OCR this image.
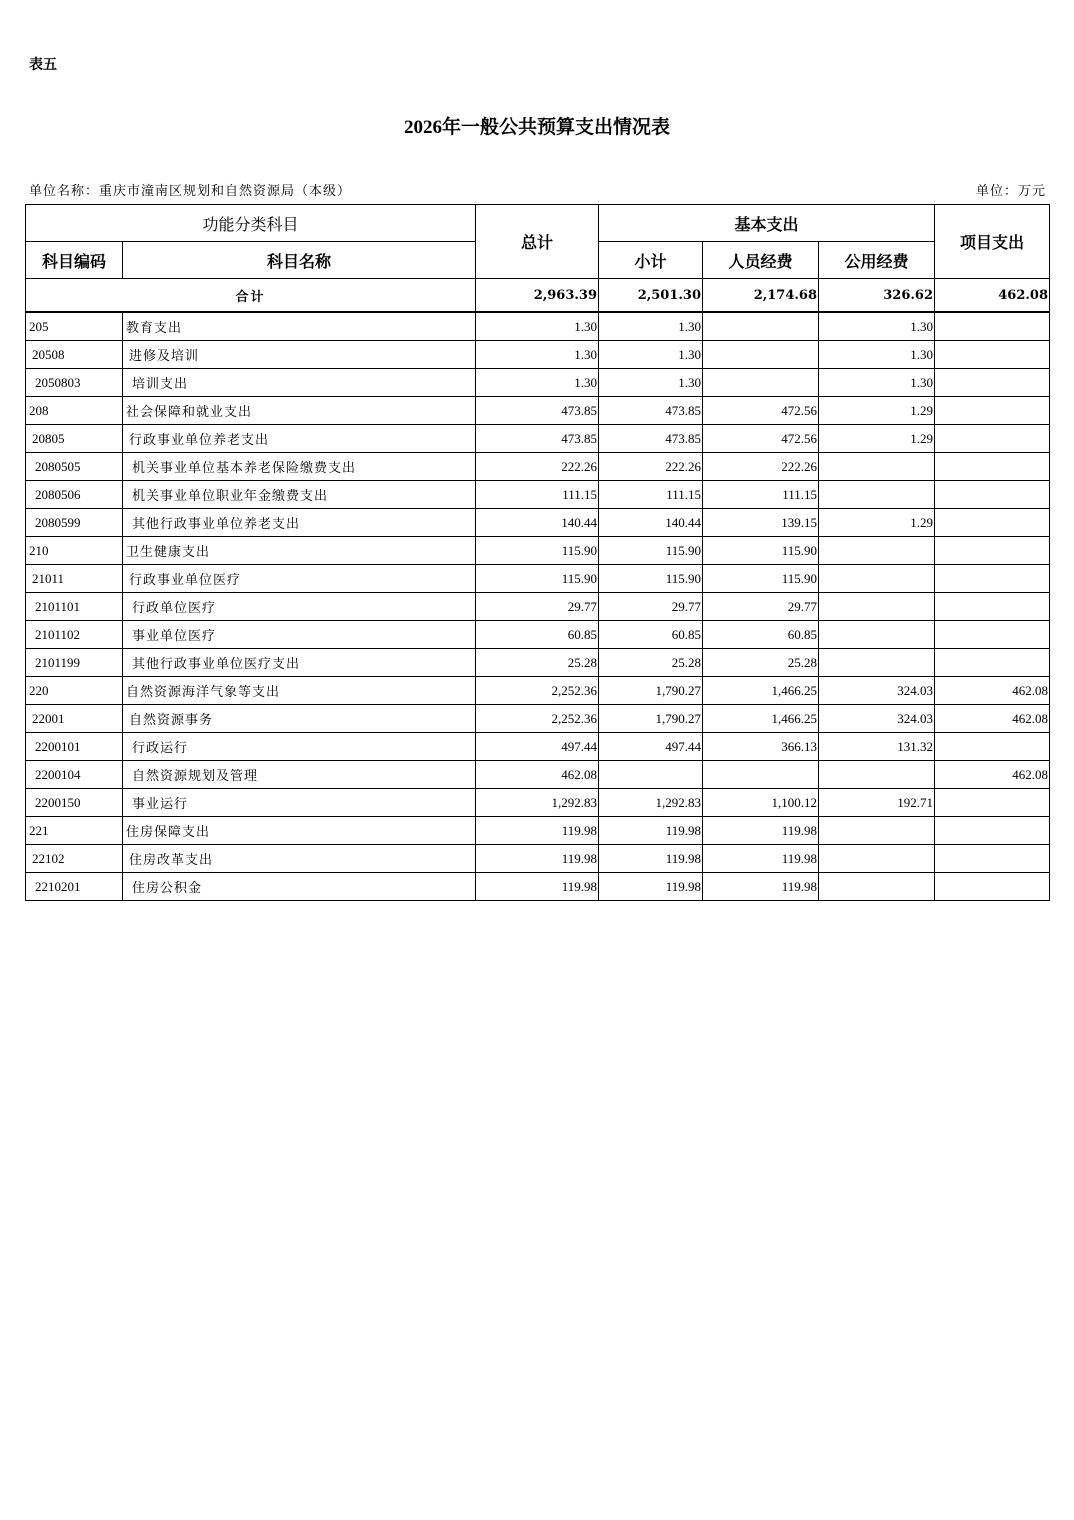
表五
2026年一般公共预算支出情况表
单位名称：重庆市潼南区规划和自然资源局（本级）	单位：万元
功能分类科目		总计	基本支出			项目支出
科目编码	科目名称		小计	人员经费	公用经费	
合计		2,963.39	2,501.30	2,174.68	326.62	462.08
205	教育支出	1.30	1.30		1.30	
20508	进修及培训	1.30	1.30		1.30	
2050803	培训支出	1.30	1.30		1.30	
208	社会保障和就业支出	473.85	473.85	472.56	1.29	
20805	行政事业单位养老支出	473.85	473.85	472.56	1.29	
2080505	机关事业单位基本养老保险缴费支出	222.26	222.26	222.26		
2080506	机关事业单位职业年金缴费支出	111.15	111.15	111.15		
2080599	其他行政事业单位养老支出	140.44	140.44	139.15	1.29	
210	卫生健康支出	115.90	115.90	115.90		
21011	行政事业单位医疗	115.90	115.90	115.90		
2101101	行政单位医疗	29.77	29.77	29.77		
2101102	事业单位医疗	60.85	60.85	60.85		
2101199	其他行政事业单位医疗支出	25.28	25.28	25.28		
220	自然资源海洋气象等支出	2,252.36	1,790.27	1,466.25	324.03	462.08
22001	自然资源事务	2,252.36	1,790.27	1,466.25	324.03	462.08
2200101	行政运行	497.44	497.44	366.13	131.32	
2200104	自然资源规划及管理	462.08				462.08
2200150	事业运行	1,292.83	1,292.83	1,100.12	192.71	
221	住房保障支出	119.98	119.98	119.98		
22102	住房改革支出	119.98	119.98	119.98		
2210201	住房公积金	119.98	119.98	119.98		
